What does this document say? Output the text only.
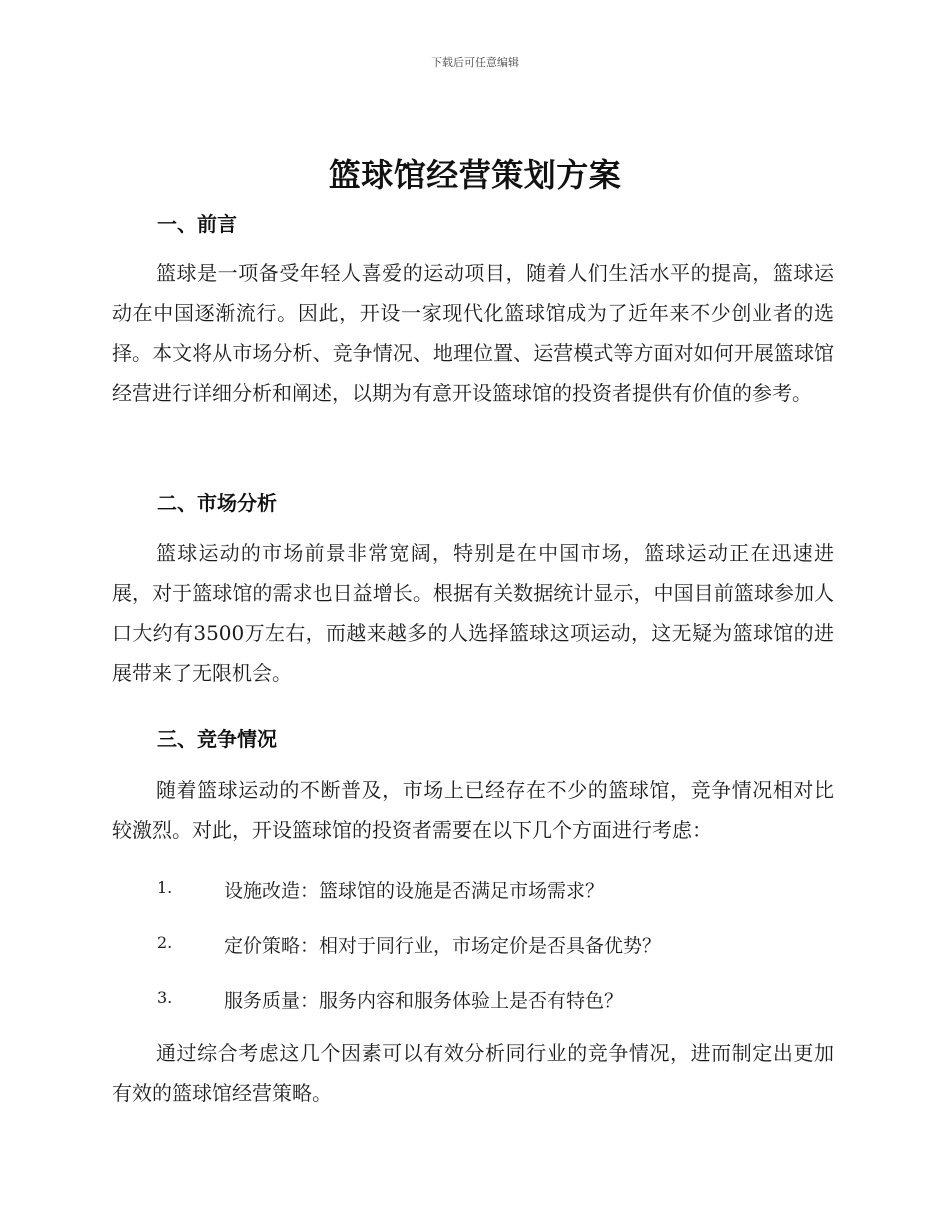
下载后可任意编辑
篮球馆经营策划方案
一、前言
篮球是一项备受年轻人喜爱的运动项目，随着人们生活水平的提高，篮球运动在中国逐渐流行。因此，开设一家现代化篮球馆成为了近年来不少创业者的选择。本文将从市场分析、竞争情况、地理位置、运营模式等方面对如何开展篮球馆经营进行详细分析和阐述，以期为有意开设篮球馆的投资者提供有价值的参考。
二、市场分析
篮球运动的市场前景非常宽阔，特别是在中国市场，篮球运动正在迅速进展，对于篮球馆的需求也日益增长。根据有关数据统计显示，中国目前篮球参加人口大约有3500万左右，而越来越多的人选择篮球这项运动，这无疑为篮球馆的进展带来了无限机会。
三、竞争情况
随着篮球运动的不断普及，市场上已经存在不少的篮球馆，竞争情况相对比较激烈。对此，开设篮球馆的投资者需要在以下几个方面进行考虑：
1.	设施改造：篮球馆的设施是否满足市场需求？
2.	定价策略：相对于同行业，市场定价是否具备优势？
3.	服务质量：服务内容和服务体验上是否有特色？
通过综合考虑这几个因素可以有效分析同行业的竞争情况，进而制定出更加有效的篮球馆经营策略。
